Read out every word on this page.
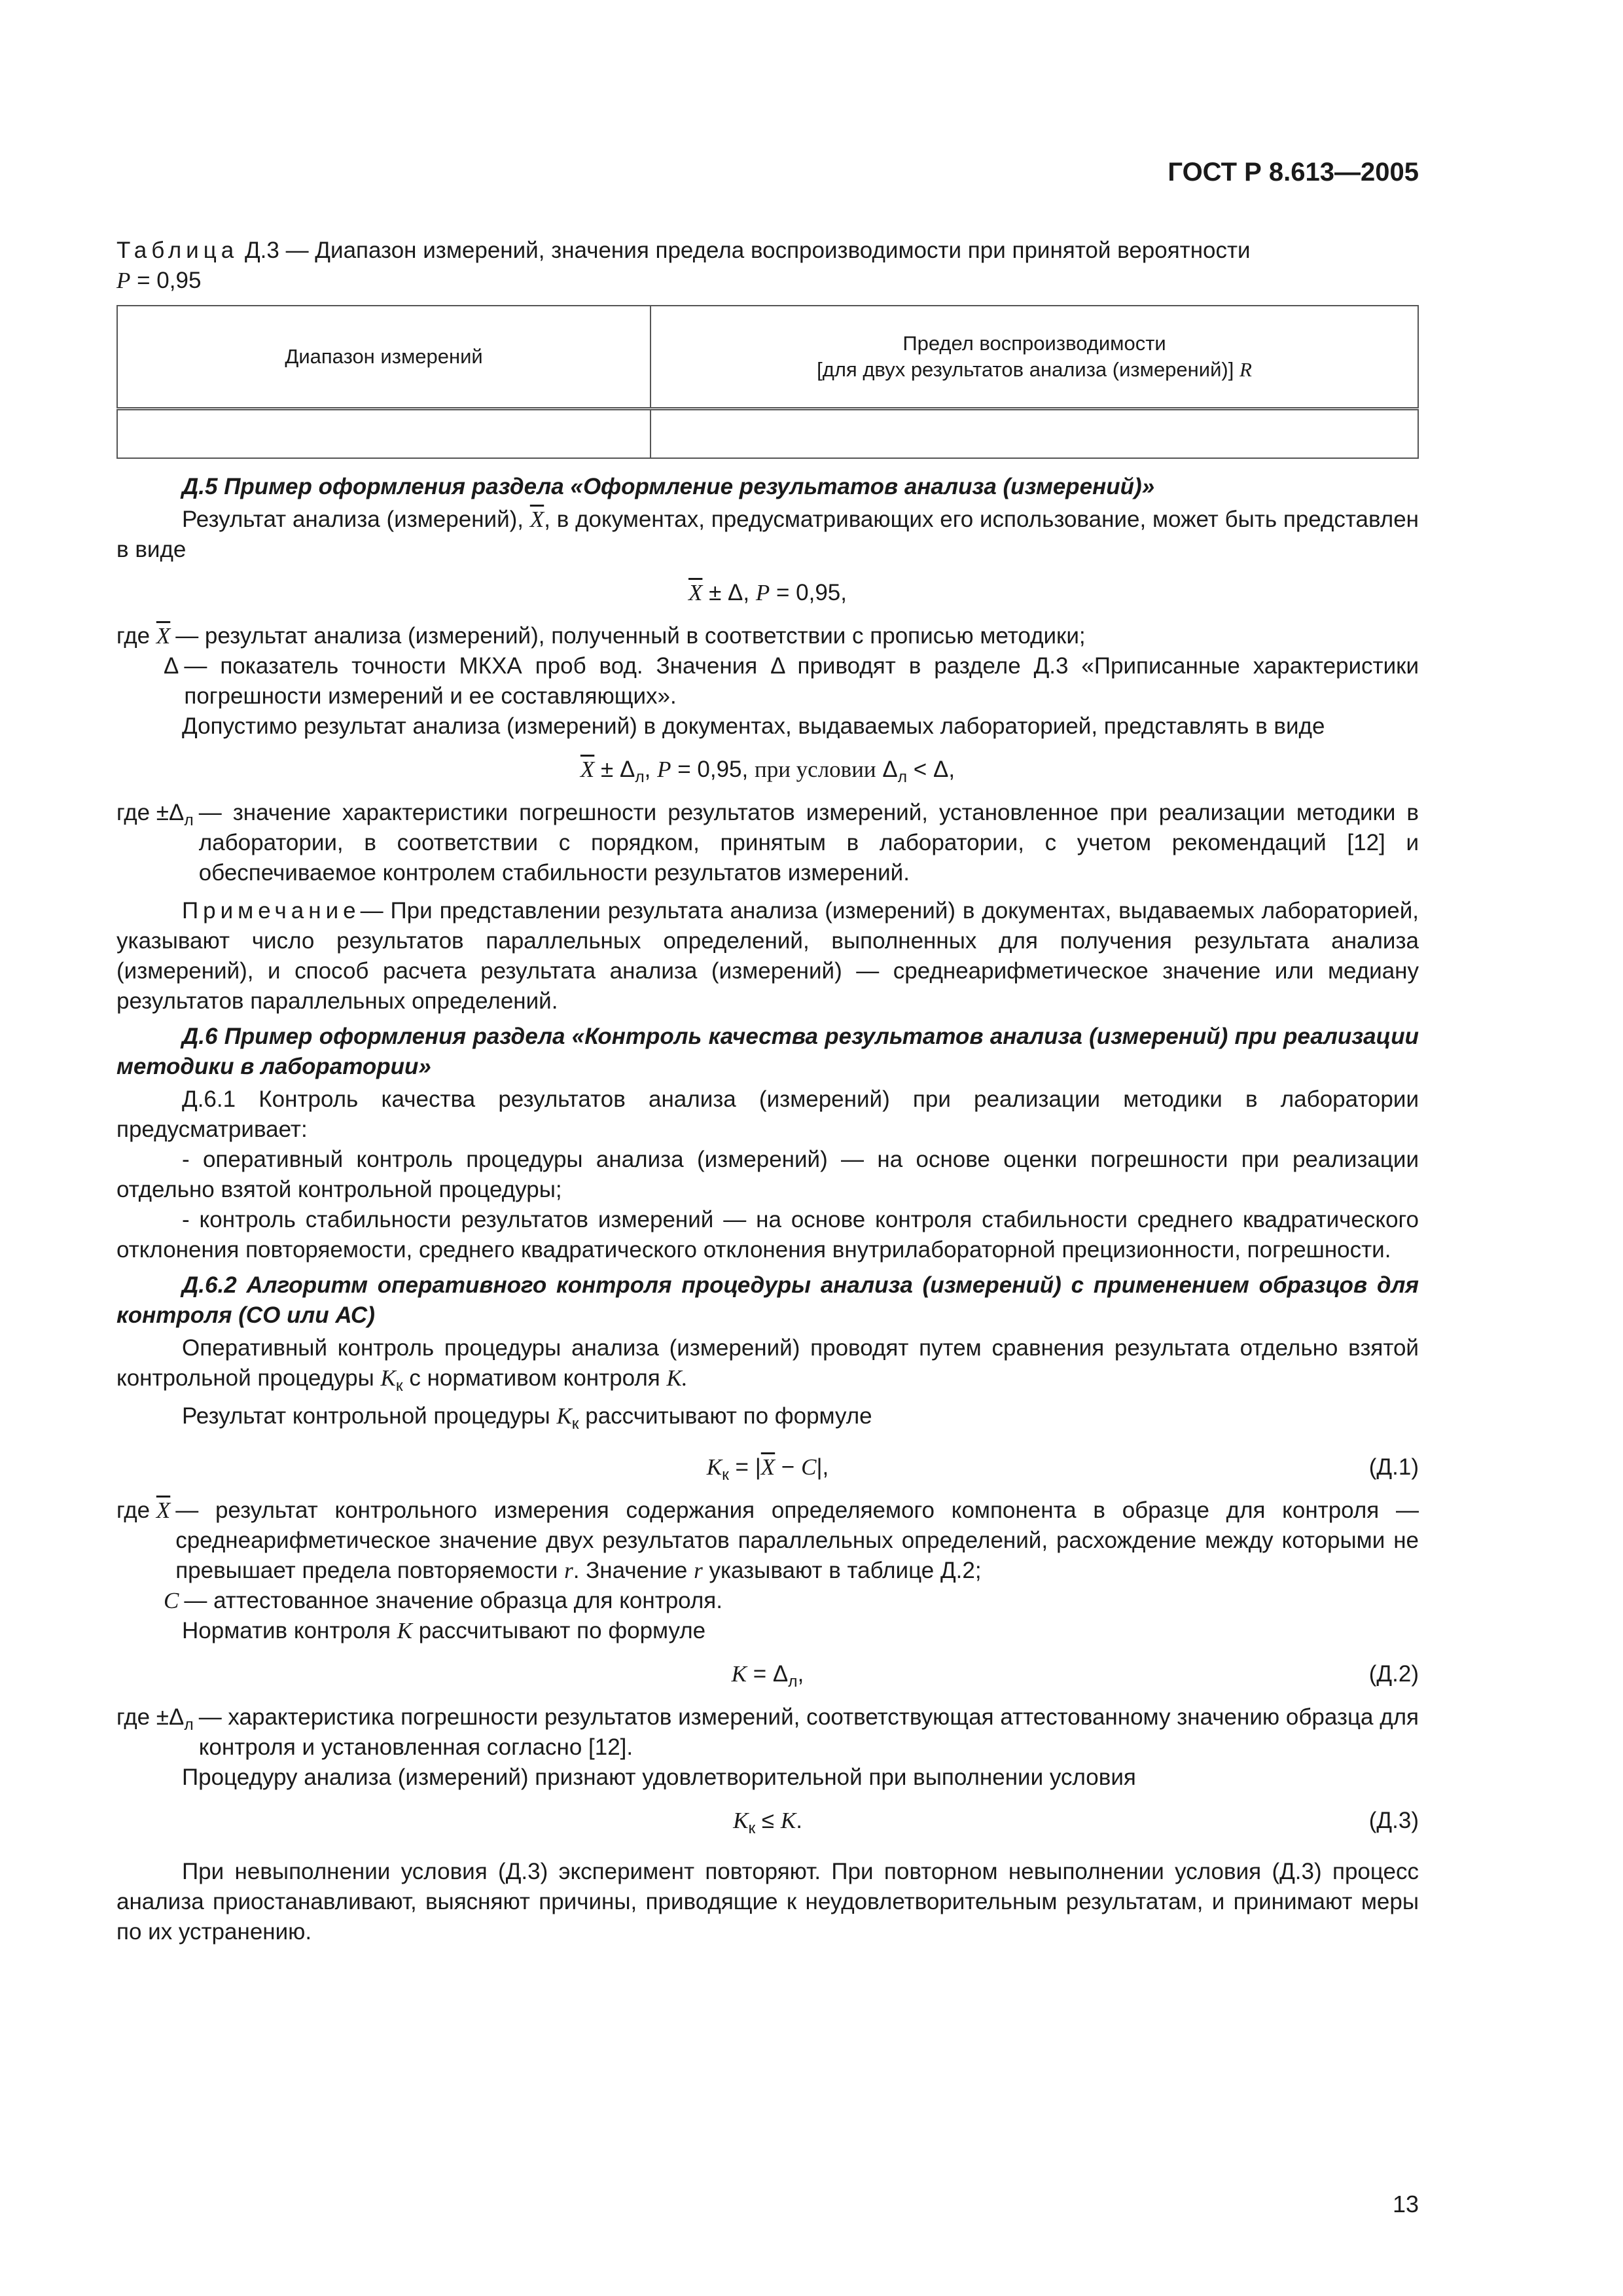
ГОСТ Р 8.613—2005

Таблица Д.3 — Диапазон измерений, значения предела воспроизводимости при принятой вероятности
P = 0,95

Диапазон измерений	Предел воспроизводимости
[для двух результатов анализа (измерений)] R

Д.5 Пример оформления раздела «Оформление результатов анализа (измерений)»

Результат анализа (измерений), $\overline{X}$, в документах, предусматривающих его использование, может быть представлен в виде

$\overline{X} \pm \Delta$, P = 0,95,
где $\overline{X}$ — результат анализа (измерений), полученный в соответствии с прописью методики;
Δ — показатель точности МКХА проб вод. Значения Δ приводят в разделе Д.3 «Приписанные характеристики погрешности измерений и ее составляющих».

Допустимо результат анализа (измерений) в документах, выдаваемых лабораторией, представлять в виде

$\overline{X} \pm \Delta_л$, P = 0,95, при условии $\Delta_л < \Delta$,
где $\pm\Delta_л$ — значение характеристики погрешности результатов измерений, установленное при реализации методики в лаборатории, в соответствии с порядком, принятым в лаборатории, с учетом рекомендаций [12] и обеспечиваемое контролем стабильности результатов измерений.

Примечание— При представлении результата анализа (измерений) в документах, выдаваемых лабораторией, указывают число результатов параллельных определений, выполненных для получения результата анализа (измерений), и способ расчета результата анализа (измерений) — среднеарифметическое значение или медиану результатов параллельных определений.

Д.6 Пример оформления раздела «Контроль качества результатов анализа (измерений) при реализации методики в лаборатории»

Д.6.1 Контроль качества результатов анализа (измерений) при реализации методики в лаборатории предусматривает:

- оперативный контроль процедуры анализа (измерений) — на основе оценки погрешности при реализации отдельно взятой контрольной процедуры;

- контроль стабильности результатов измерений — на основе контроля стабильности среднего квадратического отклонения повторяемости, среднего квадратического отклонения внутрилабораторной прецизионности, погрешности.

Д.6.2 Алгоритм оперативного контроля процедуры анализа (измерений) с применением образцов для контроля (СО или АС)

Оперативный контроль процедуры анализа (измерений) проводят путем сравнения результата отдельно взятой контрольной процедуры $K_к$ с нормативом контроля K.

Результат контрольной процедуры $K_к$ рассчитывают по формуле

$K_к = |\overline{X} - C|$,	(Д.1)
где $\overline{X}$ — результат контрольного измерения содержания определяемого компонента в образце для контроля — среднеарифметическое значение двух результатов параллельных определений, расхождение между которыми не превышает предела повторяемости r. Значение r указывают в таблице Д.2;
C — аттестованное значение образца для контроля.

Норматив контроля K рассчитывают по формуле

$K = \Delta_л$,	(Д.2)
где $\pm\Delta_л$ — характеристика погрешности результатов измерений, соответствующая аттестованному значению образца для контроля и установленная согласно [12].

Процедуру анализа (измерений) признают удовлетворительной при выполнении условия

$K_к \le K$.	(Д.3)

При невыполнении условия (Д.3) эксперимент повторяют. При повторном невыполнении условия (Д.3) процесс анализа приостанавливают, выясняют причины, приводящие к неудовлетворительным результатам, и принимают меры по их устранению.

13
